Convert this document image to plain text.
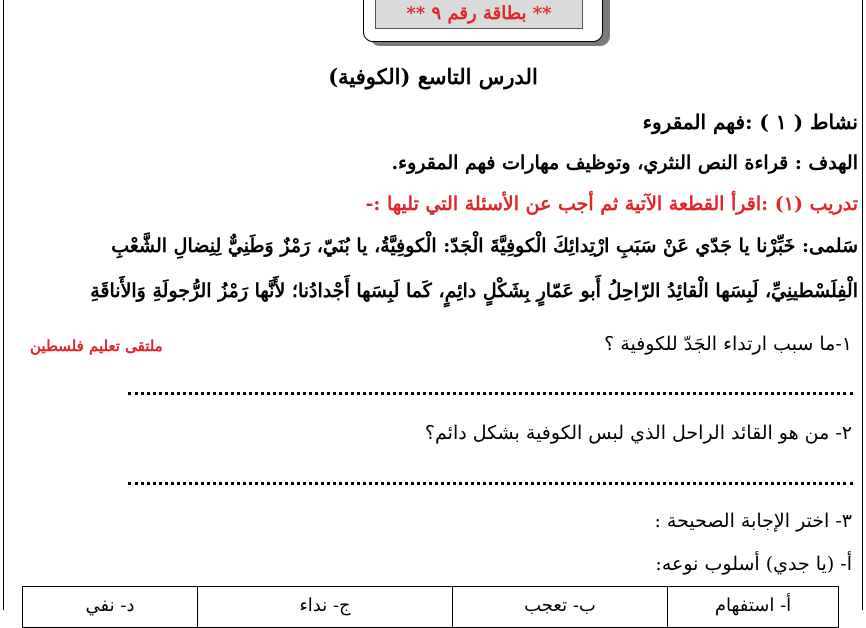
** بطاقة رقم ٩ **
الدرس التاسع (الكوفية)
نشاط ( ١ ) :فهم المقروء
الهدف : قراءة النص النثري، وتوظيف مهارات فهم المقروء.
تدريب (١) :اقرأ القطعة الآتية ثم أجب عن الأسئلة التي تليها :-
سَلمى: خَبِّرْنا يا جَدّي عَنْ سَبَبِ ارْتِدائِكَ الْكوفِيَّةَ الْجَدّ: الْكوفِيَّةُ، يا بُنَيّ، رَمْزٌ وَطَنِيٌّ لِنِضالِ الشَّعْبِ
الْفِلَسْطينِيِّ، لَبِسَها الْقائِدُ الرّاحِلُ أَبو عَمّارٍ بِشَكْلٍ دائِمٍ، كَما لَبِسَها أَجْدادُنا؛ لأَنَّها رَمْزُ الرُّجولَةِ وَالأَناقَةِ
١-ما سبب ارتداء الجَدّ للكوفية ؟
ملتقى تعليم فلسطين
٢- من هو القائد الراحل الذي لبس الكوفية بشكل دائم؟
٣- اختر الإجابة الصحيحة :
أ- (يا جدي) أسلوب نوعه:
أ- استفهام
ب- تعجب
ج- نداء
د- نفي
